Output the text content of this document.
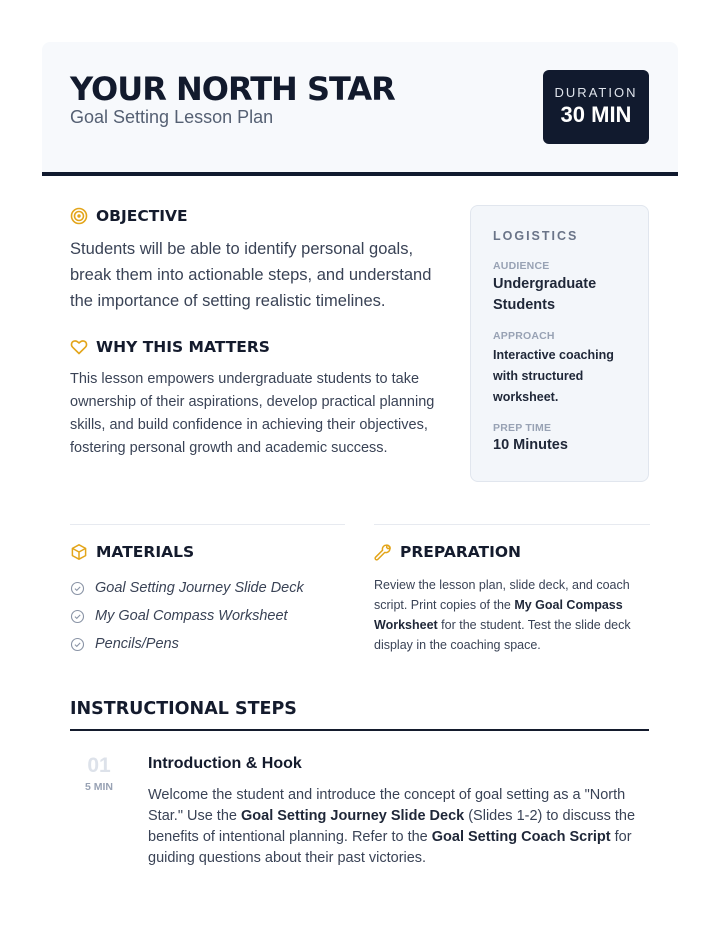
YOUR NORTH STAR
Goal Setting Lesson Plan
DURATION
30 MIN
OBJECTIVE
Students will be able to identify personal goals, break them into actionable steps, and understand the importance of setting realistic timelines.
WHY THIS MATTERS
This lesson empowers undergraduate students to take ownership of their aspirations, develop practical planning skills, and build confidence in achieving their objectives, fostering personal growth and academic success.
LOGISTICS
AUDIENCE
Undergraduate Students
APPROACH
Interactive coaching with structured worksheet.
PREP TIME
10 Minutes
MATERIALS
Goal Setting Journey Slide Deck
My Goal Compass Worksheet
Pencils/Pens
PREPARATION
Review the lesson plan, slide deck, and coach script. Print copies of the My Goal Compass Worksheet for the student. Test the slide deck display in the coaching space.
INSTRUCTIONAL STEPS
01
5 MIN
Introduction & Hook
Welcome the student and introduce the concept of goal setting as a "North Star." Use the Goal Setting Journey Slide Deck (Slides 1-2) to discuss the benefits of intentional planning. Refer to the Goal Setting Coach Script for guiding questions about their past victories.
